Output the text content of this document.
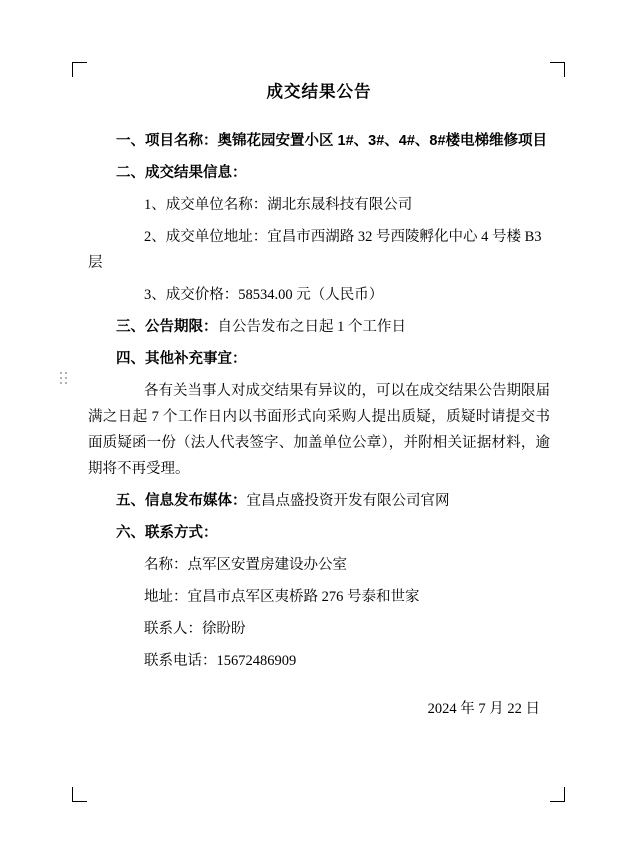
成交结果公告

一、项目名称：奥锦花园安置小区 1#、3#、4#、8#楼电梯维修项目

二、成交结果信息：

1、成交单位名称：湖北东晟科技有限公司

2、成交单位地址：宜昌市西湖路 32 号西陵孵化中心 4 号楼 B3 层

3、成交价格：58534.00 元（人民币）

三、公告期限：自公告发布之日起 1 个工作日

四、其他补充事宜：

各有关当事人对成交结果有异议的，可以在成交结果公告期限届满之日起 7 个工作日内以书面形式向采购人提出质疑，质疑时请提交书面质疑函一份（法人代表签字、加盖单位公章），并附相关证据材料，逾期将不再受理。

五、信息发布媒体：宜昌点盛投资开发有限公司官网

六、联系方式：

名称：点军区安置房建设办公室

地址：宜昌市点军区夷桥路 276 号泰和世家

联系人：徐盼盼

联系电话：15672486909

2024 年 7 月 22 日
